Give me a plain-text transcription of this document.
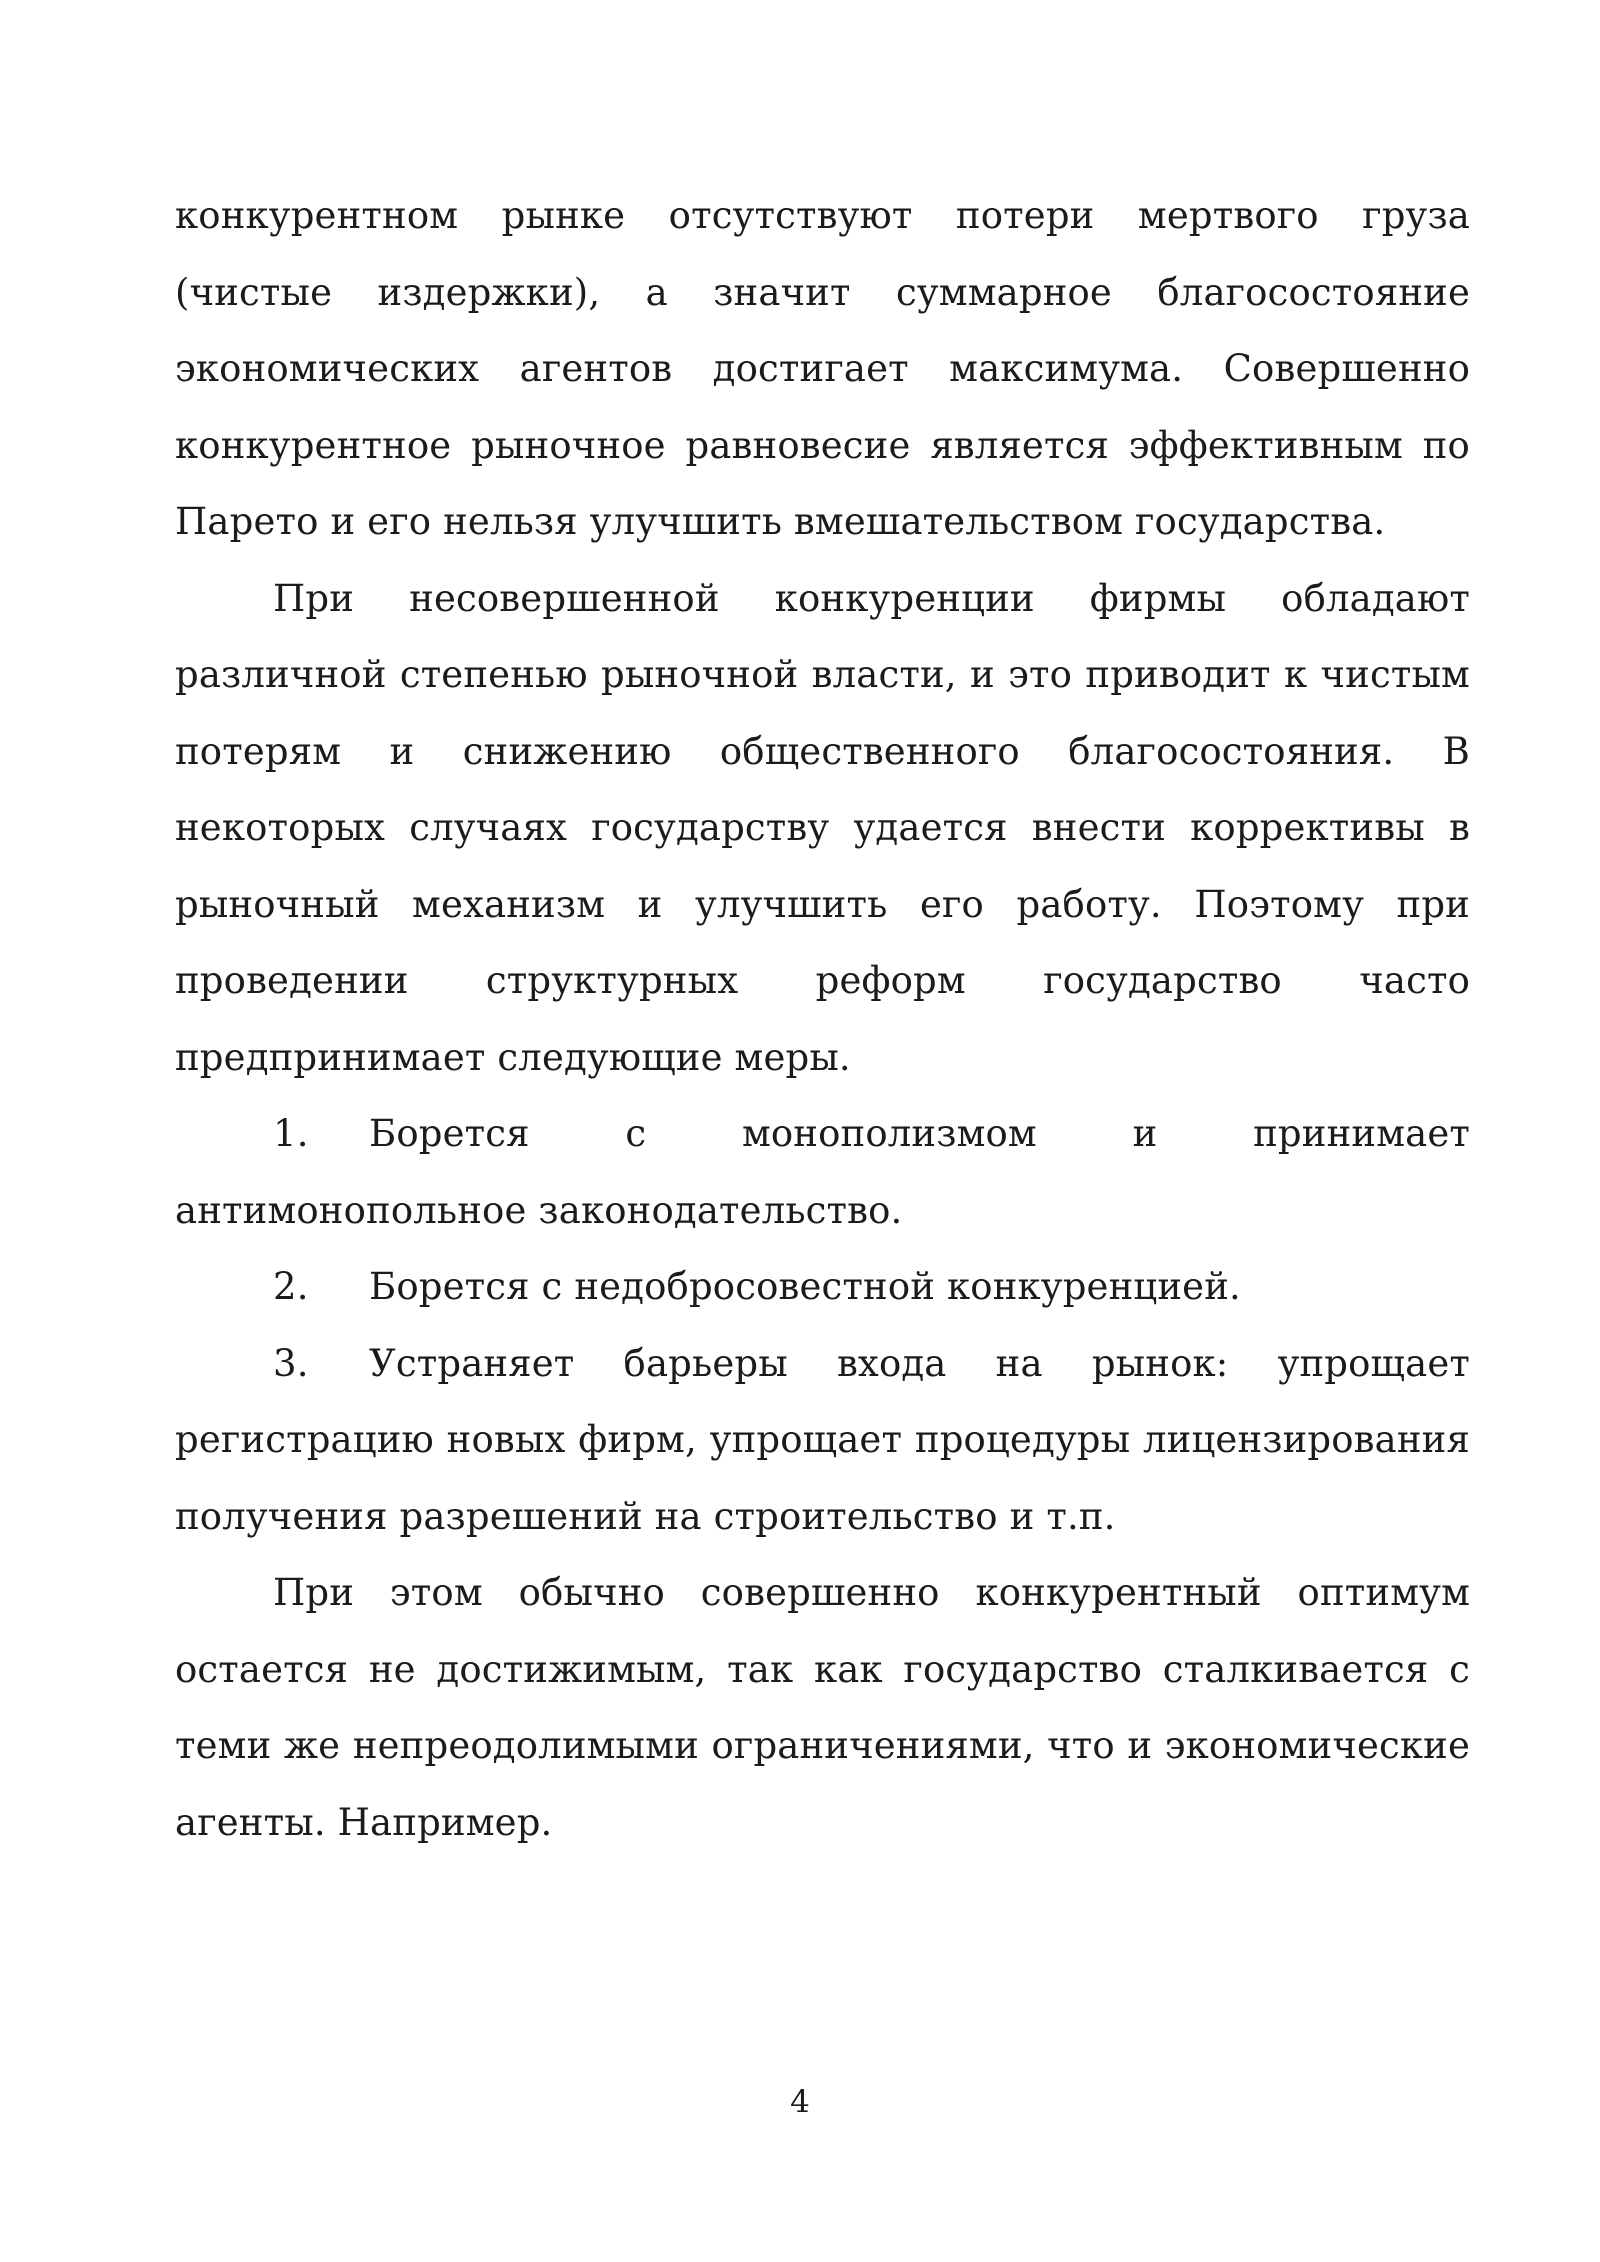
конкурентном рынке отсутствуют потери мертвого груза (чистые издержки), а значит суммарное благосостояние экономических агентов достигает максимума. Совершенно конкурентное рыночное равновесие является эффективным по Парето и его нельзя улучшить вмешательством государства.

При несовершенной конкуренции фирмы обладают различной степенью рыночной власти, и это приводит к чистым потерям и снижению общественного благосостояния. В некоторых случаях государству удается внести коррективы в рыночный механизм и улучшить его работу. Поэтому при проведении структурных реформ государство часто предпринимает следующие меры.

1. Борется с монополизмом и принимает антимонопольное законодательство.

2. Борется с недобросовестной конкуренцией.

3. Устраняет барьеры входа на рынок: упрощает регистрацию новых фирм, упрощает процедуры лицензирования получения разрешений на строительство и т.п.

При этом обычно совершенно конкурентный оптимум остается не достижимым, так как государство сталкивается с теми же непреодолимыми ограничениями, что и экономические агенты. Например.

4
